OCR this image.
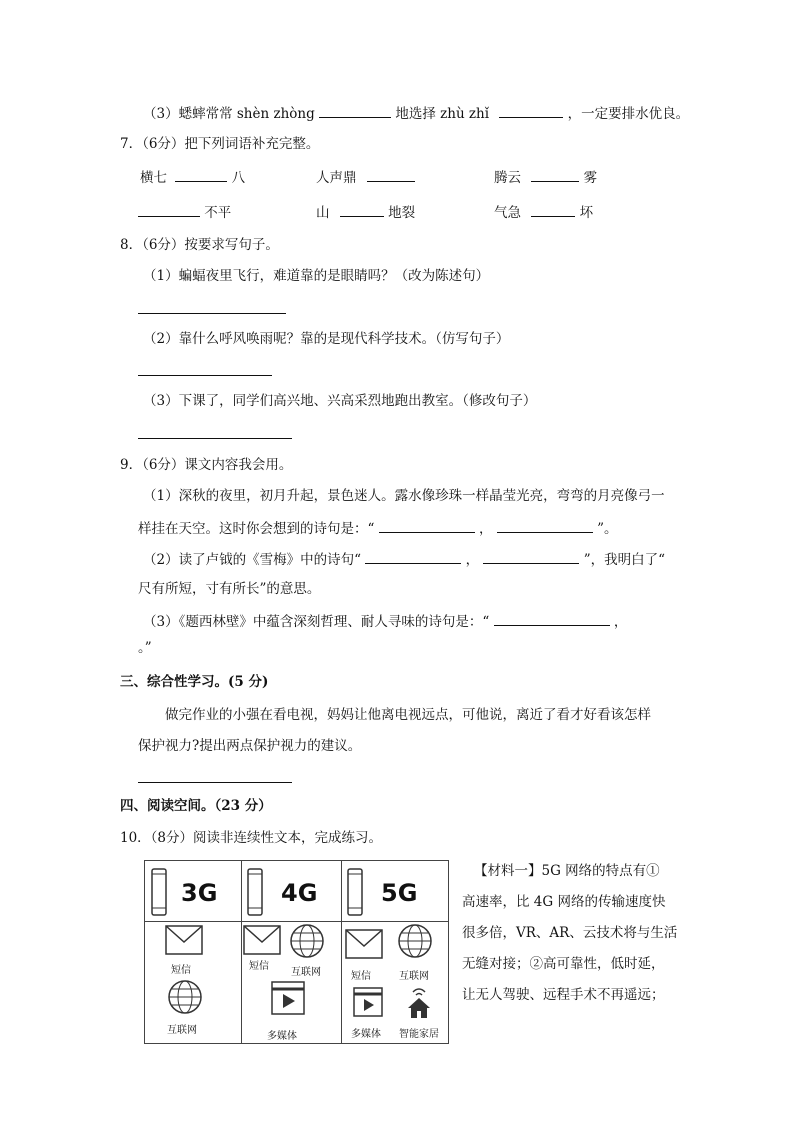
（3）蟋蟀常常 shèn zhòng	地选择 zhù zhǐ	，一定要排水优良。
7．（6分）把下列词语补充完整。
横七	八	人声鼎	腾云	雾
不平	山	地裂	气急	坏
8．（6分）按要求写句子。
（1）蝙蝠夜里飞行，难道靠的是眼睛吗？（改为陈述句）
（2）靠什么呼风唤雨呢？靠的是现代科学技术。（仿写句子）
（3）下课了，同学们高兴地、兴高采烈地跑出教室。（修改句子）
9．（6分）课文内容我会用。
（1）深秋的夜里，初月升起，景色迷人。露水像珍珠一样晶莹光亮，弯弯的月亮像弓一
样挂在天空。这时你会想到的诗句是：“	，	”。
（2）读了卢钺的《雪梅》中的诗句“	，	”，我明白了“
尺有所短，寸有所长”的意思。
（3）《题西林壁》中蕴含深刻哲理、耐人寻味的诗句是：“	，
。”
三、综合性学习。(5 分)
做完作业的小强在看电视，妈妈让他离电视远点，可他说，离近了看才好看该怎样
保护视力?提出两点保护视力的建议。
四、阅读空间。（23 分）
10．（8分）阅读非连续性文本，完成练习。
3G
短信
互联网
4G
短信
互联网
多媒体
5G
短信	互联网
多媒体 智能家居
【材料一】5G 网络的特点有①
高速率，比 4G 网络的传输速度快
很多倍，VR、AR、云技术将与生活
无缝对接；②高可靠性，低时延，
让无人驾驶、远程手术不再遥远；
